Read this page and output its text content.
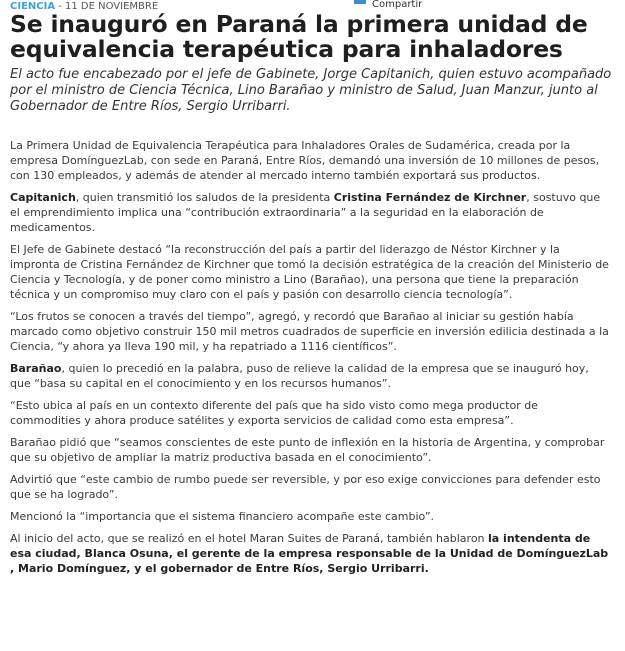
CIENCIA - 11 DE NOVIEMBRE	Compartir
Se inauguró en Paraná la primera unidad de equivalencia terapéutica para inhaladores

El acto fue encabezado por el jefe de Gabinete, Jorge Capitanich, quien estuvo acompañado por el ministro de Ciencia Técnica, Lino Barañao y ministro de Salud, Juan Manzur, junto al Gobernador de Entre Ríos, Sergio Urribarri.

La Primera Unidad de Equivalencia Terapéutica para Inhaladores Orales de Sudamérica, creada por la empresa DomínguezLab, con sede en Paraná, Entre Ríos, demandó una inversión de 10 millones de pesos, con 130 empleados, y además de atender al mercado interno también exportará sus productos.

Capitanich, quien transmitió los saludos de la presidenta Cristina Fernández de Kirchner, sostuvo que el emprendimiento implica una “contribución extraordinaria” a la seguridad en la elaboración de medicamentos.

El Jefe de Gabinete destacó “la reconstrucción del país a partir del liderazgo de Néstor Kirchner y la impronta de Cristina Fernández de Kirchner que tomó la decisión estratégica de la creación del Ministerio de Ciencia y Tecnología, y de poner como ministro a Lino (Barañao), una persona que tiene la preparación técnica y un compromiso muy claro con el país y pasión con desarrollo ciencia tecnología”.

“Los frutos se conocen a través del tiempo”, agregó, y recordó que Barañao al iniciar su gestión había marcado como objetivo construir 150 mil metros cuadrados de superficie en inversión edilicia destinada a la Ciencia, “y ahora ya lleva 190 mil, y ha repatriado a 1116 científicos”.

Barañao, quien lo precedió en la palabra, puso de relieve la calidad de la empresa que se inauguró hoy, que “basa su capital en el conocimiento y en los recursos humanos”.

“Esto ubica al país en un contexto diferente del país que ha sido visto como mega productor de commodities y ahora produce satélites y exporta servicios de calidad como esta empresa”.

Barañao pidió que “seamos conscientes de este punto de inflexión en la historia de Argentina, y comprobar que su objetivo de ampliar la matriz productiva basada en el conocimiento”.

Advirtió que “este cambio de rumbo puede ser reversible, y por eso exige convicciones para defender esto que se ha logrado”.

Mencionó la “importancia que el sistema financiero acompañe este cambio”.

Al inicio del acto, que se realizó en el hotel Maran Suites de Paraná, también hablaron la intendenta de esa ciudad, Blanca Osuna, el gerente de la empresa responsable de la Unidad de DomínguezLab , Mario Domínguez, y el gobernador de Entre Ríos, Sergio Urribarri.
